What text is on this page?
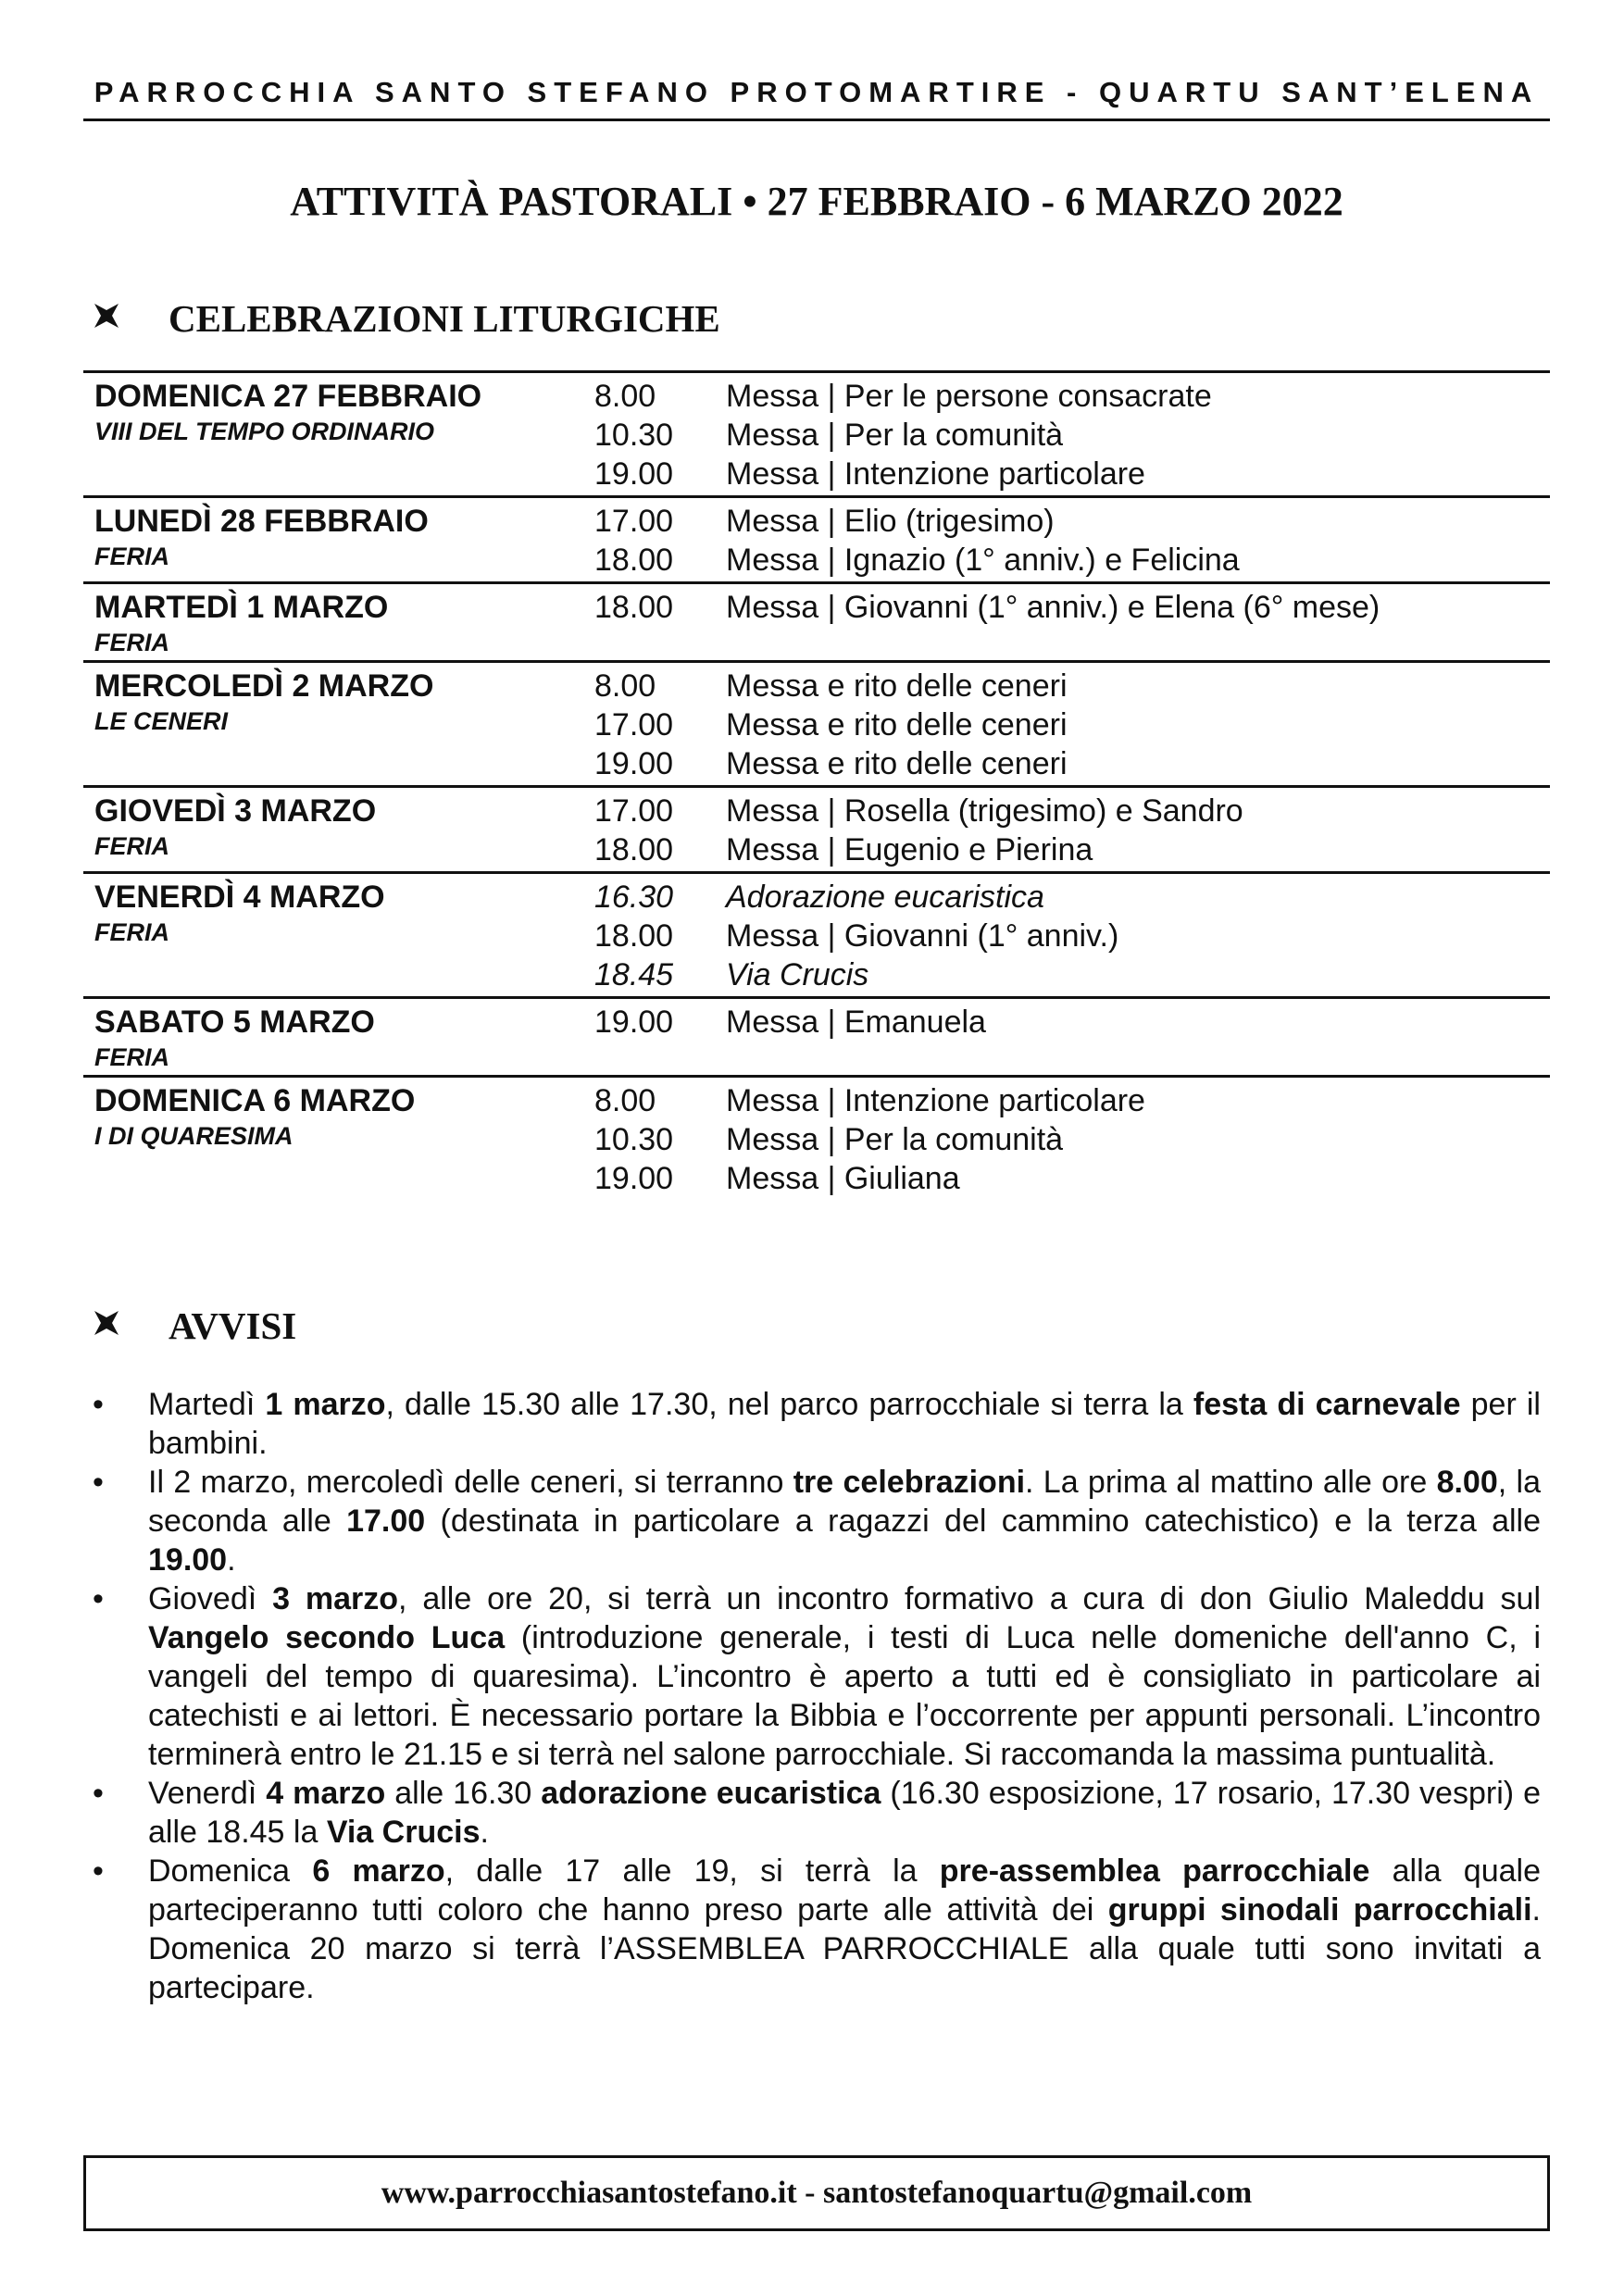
PARROCCHIA SANTO STEFANO PROTOMARTIRE - QUARTU SANT’ELENA
ATTIVITÀ PASTORALI • 27 FEBBRAIO - 6 MARZO 2022
CELEBRAZIONI LITURGICHE
DOMENICA 27 FEBBRAIO
VIII DEL TEMPO ORDINARIO
8.00	Messa | Per le persone consacrate
10.30	Messa | Per la comunità
19.00	Messa | Intenzione particolare
LUNEDÌ 28 FEBBRAIO
FERIA
17.00	Messa | Elio (trigesimo)
18.00	Messa | Ignazio (1° anniv.) e Felicina
MARTEDÌ 1 MARZO
FERIA
18.00	Messa | Giovanni (1° anniv.) e Elena (6° mese)
MERCOLEDÌ 2 MARZO
LE CENERI
8.00	Messa e rito delle ceneri
17.00	Messa e rito delle ceneri
19.00	Messa e rito delle ceneri
GIOVEDÌ 3 MARZO
FERIA
17.00	Messa | Rosella (trigesimo) e Sandro
18.00	Messa | Eugenio e Pierina
VENERDÌ 4 MARZO
FERIA
16.30	Adorazione eucaristica
18.00	Messa | Giovanni (1° anniv.)
18.45	Via Crucis
SABATO 5 MARZO
FERIA
19.00	Messa | Emanuela
DOMENICA 6 MARZO
I DI QUARESIMA
8.00	Messa | Intenzione particolare
10.30	Messa | Per la comunità
19.00	Messa | Giuliana
AVVISI
• Martedì 1 marzo, dalle 15.30 alle 17.30, nel parco parrocchiale si terra la festa di carnevale per il bambini.
• Il 2 marzo, mercoledì delle ceneri, si terranno tre celebrazioni. La prima al mattino alle ore 8.00, la seconda alle 17.00 (destinata in particolare a ragazzi del cammino catechistico) e la terza alle 19.00.
• Giovedì 3 marzo, alle ore 20, si terrà un incontro formativo a cura di don Giulio Maleddu sul Vangelo secondo Luca (introduzione generale, i testi di Luca nelle domeniche dell'anno C, i vangeli del tempo di quaresima). L’incontro è aperto a tutti ed è consigliato in particolare ai catechisti e ai lettori. È necessario portare la Bibbia e l’occorrente per appunti personali. L’incontro terminerà entro le 21.15 e si terrà nel salone parrocchiale. Si raccomanda la massima puntualità.
• Venerdì 4 marzo alle 16.30 adorazione eucaristica (16.30 esposizione, 17 rosario, 17.30 vespri) e alle 18.45 la Via Crucis.
• Domenica 6 marzo, dalle 17 alle 19, si terrà la pre-assemblea parrocchiale alla quale parteciperanno tutti coloro che hanno preso parte alle attività dei gruppi sinodali parrocchiali. Domenica 20 marzo si terrà l’ASSEMBLEA PARROCCHIALE alla quale tutti sono invitati a partecipare.
www.parrocchiasantostefano.it - santostefanoquartu@gmail.com
